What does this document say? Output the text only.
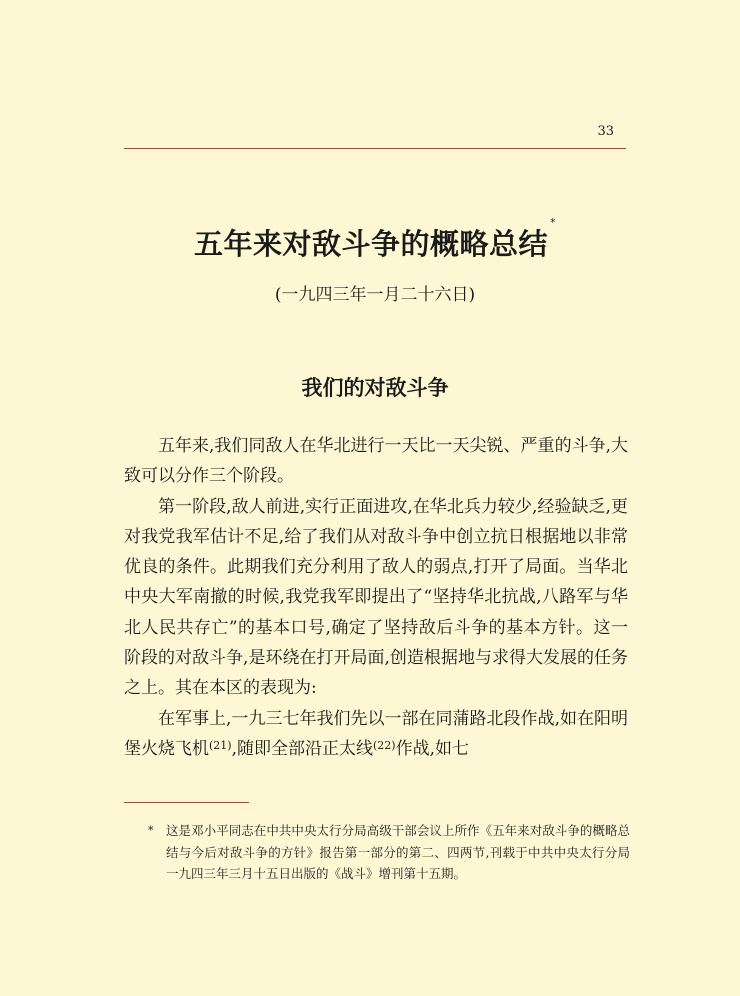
33
五年来对敌斗争的概略总结*
(一九四三年一月二十六日)
我们的对敌斗争

五年来,我们同敌人在华北进行一天比一天尖锐、严重的斗争,大致可以分作三个阶段。

第一阶段,敌人前进,实行正面进攻,在华北兵力较少,经验缺乏,更对我党我军估计不足,给了我们从对敌斗争中创立抗日根据地以非常优良的条件。此期我们充分利用了敌人的弱点,打开了局面。当华北中央大军南撤的时候,我党我军即提出了“坚持华北抗战,八路军与华北人民共存亡”的基本口号,确定了坚持敌后斗争的基本方针。这一阶段的对敌斗争,是环绕在打开局面,创造根据地与求得大发展的任务之上。其在本区的表现为:

在军事上,一九三七年我们先以一部在同蒲路北段作战,如在阳明堡火烧飞机$^{(21)}$,随即全部沿正太线$^{(22)}$作战,如七

* 这是邓小平同志在中共中央太行分局高级干部会议上所作《五年来对敌斗争的概略总结与今后对敌斗争的方针》报告第一部分的第二、四两节,刊载于中共中央太行分局一九四三年三月十五日出版的《战斗》增刊第十五期。
